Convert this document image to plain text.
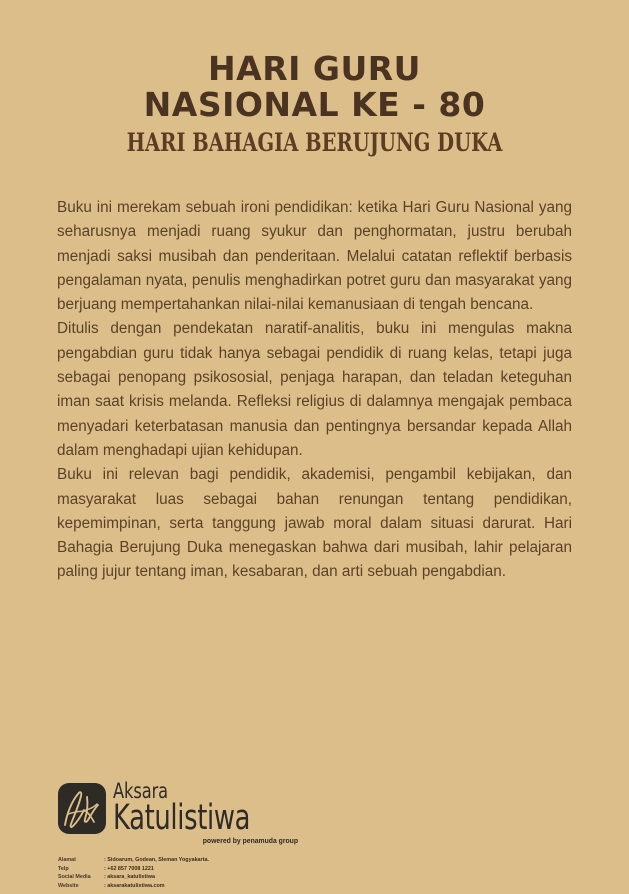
HARI GURU
NASIONAL KE - 80
HARI BAHAGIA BERUJUNG DUKA

Buku ini merekam sebuah ironi pendidikan: ketika Hari Guru Nasional yang seharusnya menjadi ruang syukur dan penghormatan, justru berubah menjadi saksi musibah dan penderitaan. Melalui catatan reflektif berbasis pengalaman nyata, penulis menghadirkan potret guru dan masyarakat yang berjuang mempertahankan nilai-nilai kemanusiaan di tengah bencana.

Ditulis dengan pendekatan naratif-analitis, buku ini mengulas makna pengabdian guru tidak hanya sebagai pendidik di ruang kelas, tetapi juga sebagai penopang psikososial, penjaga harapan, dan teladan keteguhan iman saat krisis melanda. Refleksi religius di dalamnya mengajak pembaca menyadari keterbatasan manusia dan pentingnya bersandar kepada Allah dalam menghadapi ujian kehidupan.

Buku ini relevan bagi pendidik, akademisi, pengambil kebijakan, dan masyarakat luas sebagai bahan renungan tentang pendidikan, kepemimpinan, serta tanggung jawab moral dalam situasi darurat. Hari Bahagia Berujung Duka menegaskan bahwa dari musibah, lahir pelajaran paling jujur tentang iman, kesabaran, dan arti sebuah pengabdian.

Aksara
Katulistiwa
powered by penamuda group
Alamat	: Sidoarum, Godean, Sleman Yogyakarta.
Telp	: +62 857 7008 1221
Social Media	: aksara_katulistiwa
Website	: aksarakatulistiwa.com
